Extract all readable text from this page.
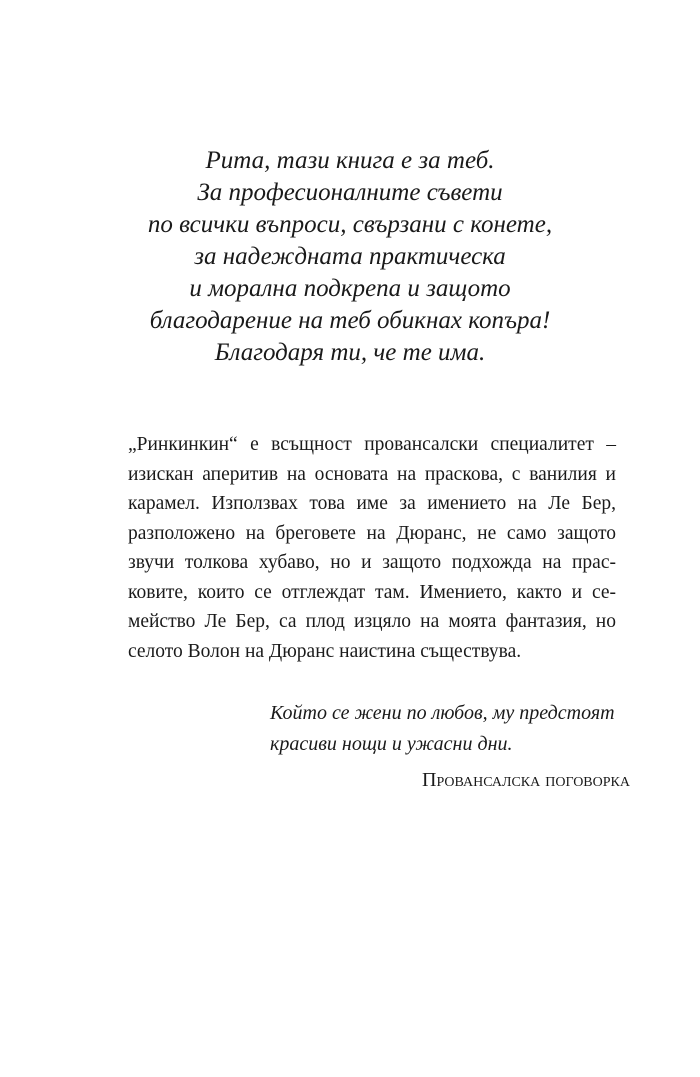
Рита, тази книга е за теб.
За професионалните съвети
по всички въпроси, свързани с конете,
за надеждната практическа
и морална подкрепа и защото
благодарение на теб обикнах копъра!
Благодаря ти, че те има.
„Ринкинкин“ е всъщност провансалски специалитет –
изискан аперитив на основата на праскова, с ванилия и
карамел. Използвах това име за имението на Ле Бер,
разположено на бреговете на Дюранс, не само защото
звучи толкова хубаво, но и защото подхожда на прас-
ковите, които се отглеждат там. Имението, както и се-
мейство Ле Бер, са плод изцяло на моята фантазия, но
селото Волон на Дюранс наистина съществува.
Който се жени по любов, му предстоят
красиви нощи и ужасни дни.
Провансалска поговорка
